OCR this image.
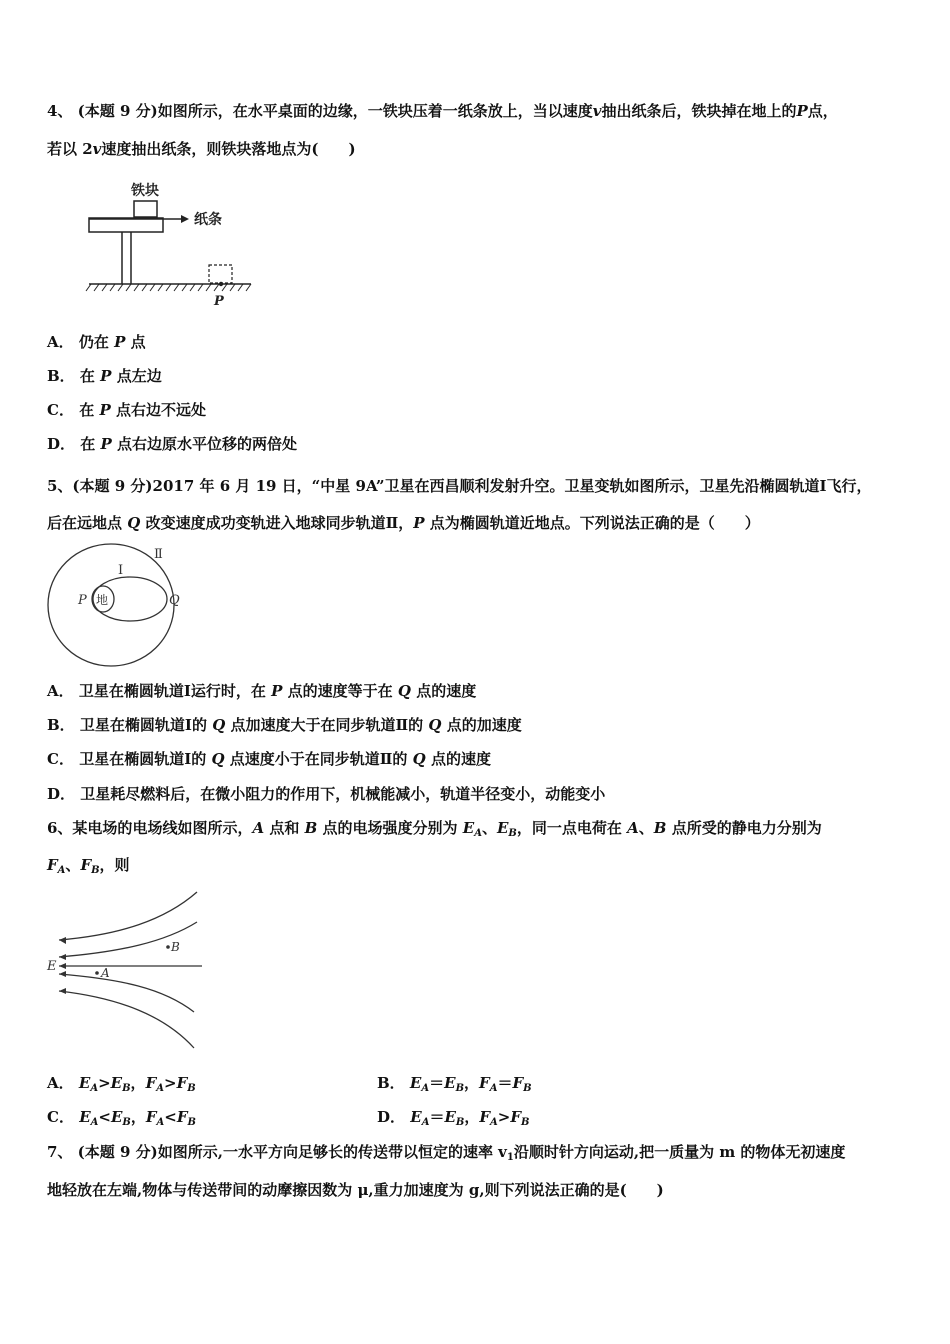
4、 (本题 9 分)如图所示，在水平桌面的边缘，一铁块压着一纸条放上，当以速度v抽出纸条后，铁块掉在地上的P点，
若以 2v速度抽出纸条，则铁块落地点为(　　)
铁块
纸条
P
A． 仍在 P 点
B． 在 P 点左边
C． 在 P 点右边不远处
D． 在 P 点右边原水平位移的两倍处
5、(本题 9 分)2017 年 6 月 19 日，“中星 9A”卫星在西昌顺利发射升空。卫星变轨如图所示，卫星先沿椭圆轨道Ⅰ飞行，
后在远地点 Q 改变速度成功变轨进入地球同步轨道Ⅱ，P 点为椭圆轨道近地点。下列说法正确的是（　　）
地
Ⅰ
Ⅱ
P	Q
A． 卫星在椭圆轨道Ⅰ运行时，在 P 点的速度等于在 Q 点的速度
B． 卫星在椭圆轨道Ⅰ的 Q 点加速度大于在同步轨道Ⅱ的 Q 点的加速度
C． 卫星在椭圆轨道Ⅰ的 Q 点速度小于在同步轨道Ⅱ的 Q 点的速度
D． 卫星耗尽燃料后，在微小阻力的作用下，机械能减小，轨道半径变小，动能变小
6、某电场的电场线如图所示，A 点和 B 点的电场强度分别为 $E_A$、$E_B$，同一点电荷在 A、B 点所受的静电力分别为
$F_A$、$F_B$，则
B
A
E
A． $E_A>E_B$，$F_A>F_B$	B． $E_A=E_B$，$F_A=F_B$
C． $E_A<E_B$，$F_A<F_B$	D． $E_A=E_B$，$F_A>F_B$
7、 (本题 9 分)如图所示,一水平方向足够长的传送带以恒定的速率 $v_1$沿顺时针方向运动,把一质量为 m 的物体无初速度
地轻放在左端,物体与传送带间的动摩擦因数为 μ,重力加速度为 g,则下列说法正确的是(　　)
